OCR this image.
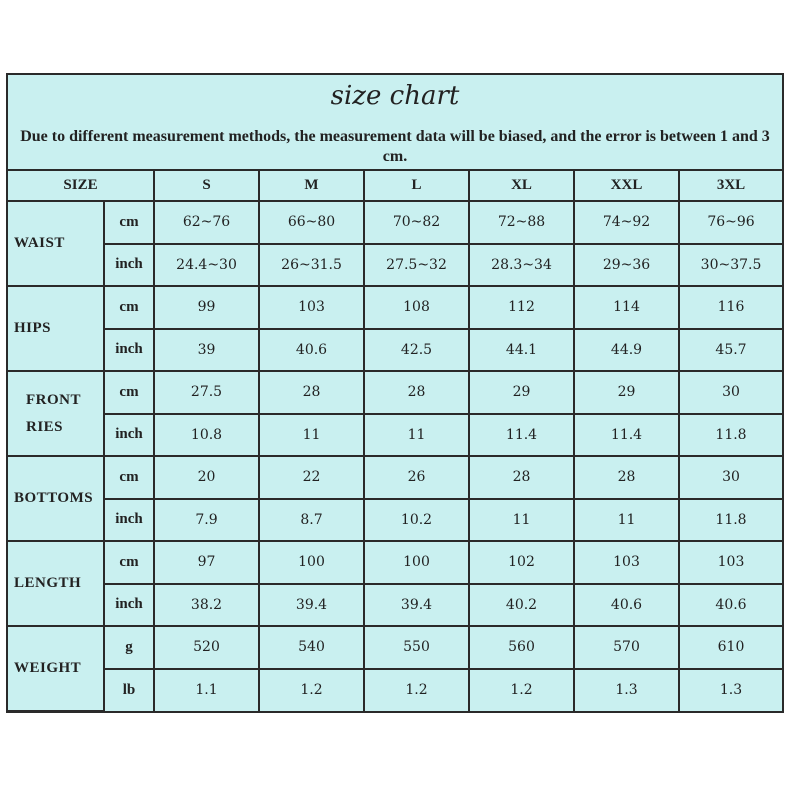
size chart
Due to different measurement methods, the measurement data will be biased, and the error is between 1 and 3 cm.
SIZE		S	M	L	XL	XXL	3XL
WAIST	cm	62~76	66~80	70~82	72~88	74~92	76~96
	inch	24.4~30	26~31.5	27.5~32	28.3~34	29~36	30~37.5
HIPS	cm	99	103	108	112	114	116
	inch	39	40.6	42.5	44.1	44.9	45.7

FRONT
RIES	cm	27.5	28	28	29	29	30
	inch	10.8	11	11	11.4	11.4	11.8
BOTTOMS	cm	20	22	26	28	28	30
	inch	7.9	8.7	10.2	11	11	11.8
LENGTH	cm	97	100	100	102	103	103
	inch	38.2	39.4	39.4	40.2	40.6	40.6
WEIGHT	g	520	540	550	560	570	610
	lb	1.1	1.2	1.2	1.2	1.3	1.3
